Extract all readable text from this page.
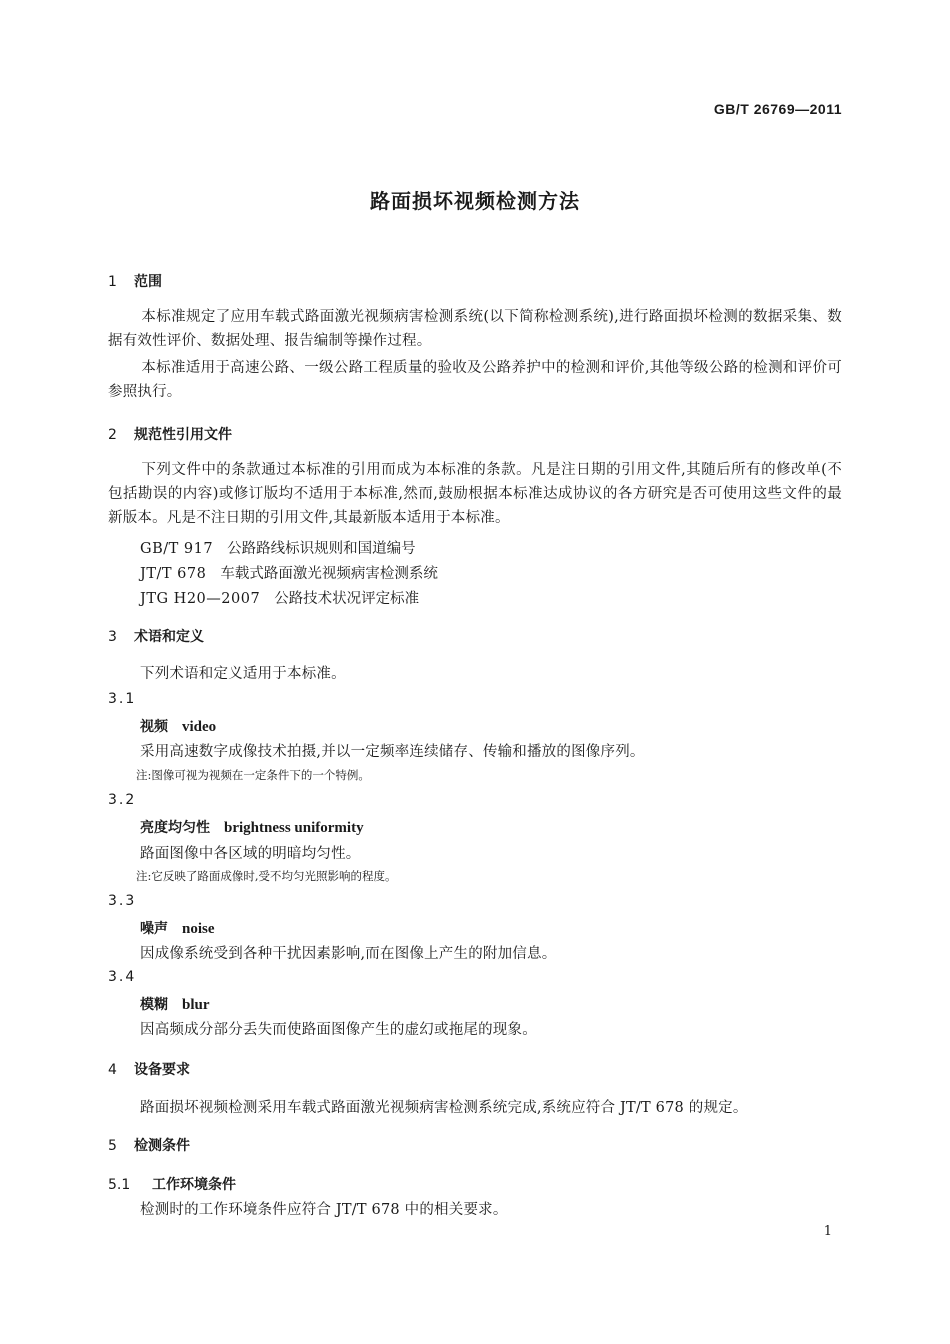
GB/T 26769—2011
路面损坏视频检测方法
1 范围
本标准规定了应用车载式路面激光视频病害检测系统(以下简称检测系统),进行路面损坏检测的数据采集、数据有效性评价、数据处理、报告编制等操作过程。
本标准适用于高速公路、一级公路工程质量的验收及公路养护中的检测和评价,其他等级公路的检测和评价可参照执行。
2 规范性引用文件
下列文件中的条款通过本标准的引用而成为本标准的条款。凡是注日期的引用文件,其随后所有的修改单(不包括勘误的内容)或修订版均不适用于本标准,然而,鼓励根据本标准达成协议的各方研究是否可使用这些文件的最新版本。凡是不注日期的引用文件,其最新版本适用于本标准。
GB/T 917 公路路线标识规则和国道编号
JT/T 678 车载式路面激光视频病害检测系统
JTG H20—2007 公路技术状况评定标准
3 术语和定义
下列术语和定义适用于本标准。
3.1
视频 video
采用高速数字成像技术拍摄,并以一定频率连续储存、传输和播放的图像序列。
注:图像可视为视频在一定条件下的一个特例。
3.2
亮度均匀性 brightness uniformity
路面图像中各区域的明暗均匀性。
注:它反映了路面成像时,受不均匀光照影响的程度。
3.3
噪声 noise
因成像系统受到各种干扰因素影响,而在图像上产生的附加信息。
3.4
模糊 blur
因高频成分部分丢失而使路面图像产生的虚幻或拖尾的现象。
4 设备要求
路面损坏视频检测采用车载式路面激光视频病害检测系统完成,系统应符合 JT/T 678 的规定。
5 检测条件
5.1 工作环境条件
检测时的工作环境条件应符合 JT/T 678 中的相关要求。
1
